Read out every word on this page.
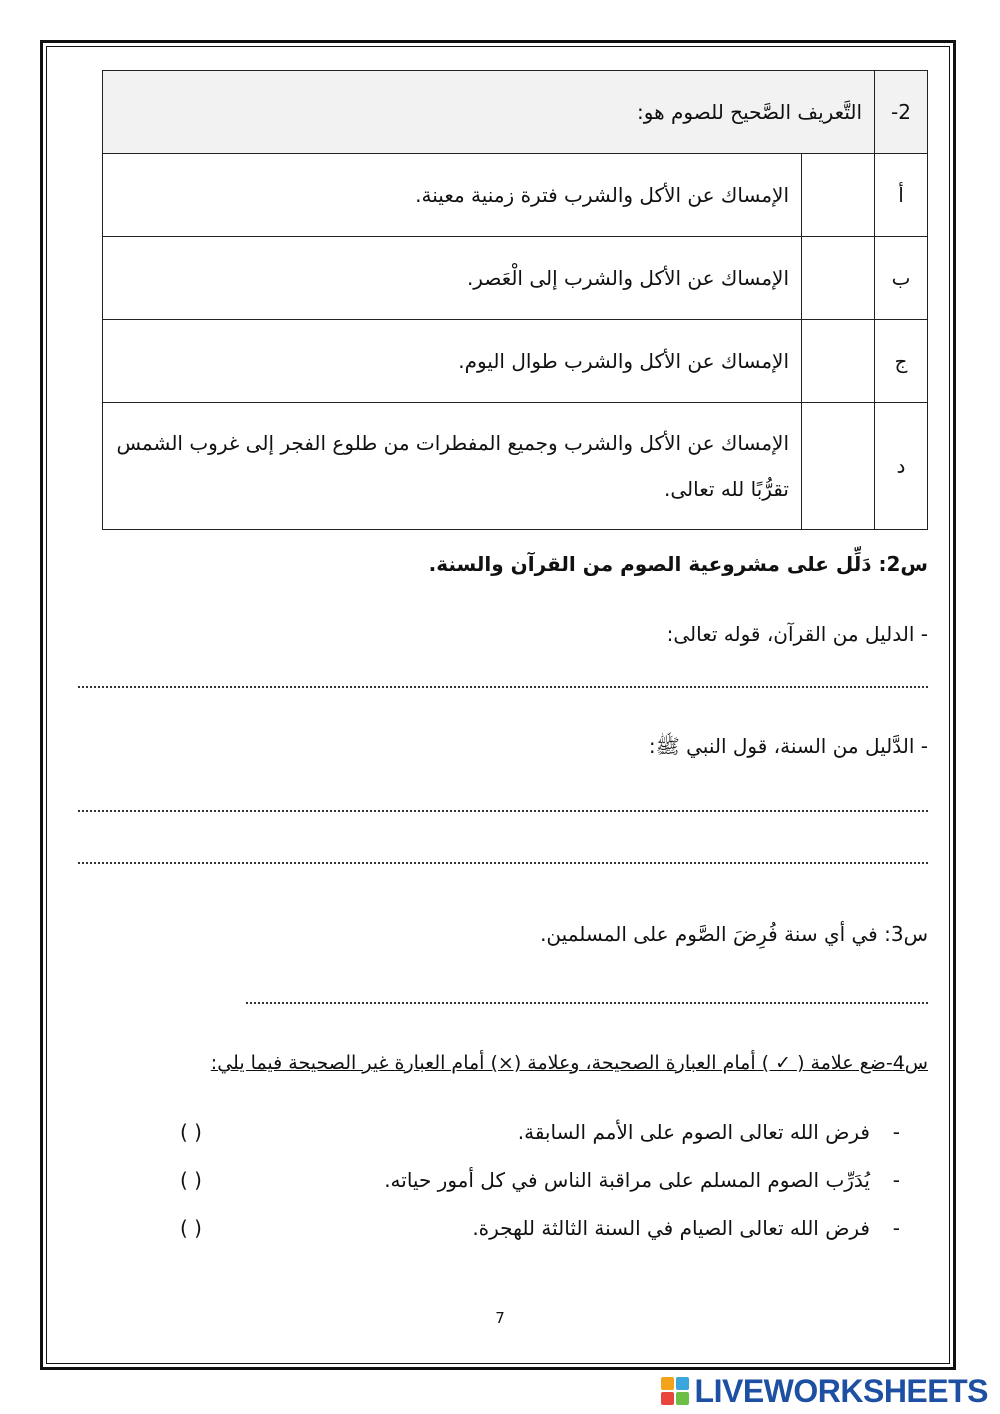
2-	التَّعريف الصَّحيح للصوم هو:	
أ		الإمساك عن الأكل والشرب فترة زمنية معينة.
ب		الإمساك عن الأكل والشرب إلى الْعَصر.
ج		الإمساك عن الأكل والشرب طوال اليوم.
د		الإمساك عن الأكل والشرب وجميع المفطرات من طلوع الفجر إلى غروب الشمس تقرُّبًا لله تعالى.
س2: دَلِّل على مشروعية الصوم من القرآن والسنة.
- الدليل من القرآن، قوله تعالى:
- الدَّليل من السنة، قول النبي ﷺ:
س3: في أي سنة فُرِضَ الصَّوم على المسلمين.
س4-ضع علامة ( ✓ ) أمام العبارة الصحيحة، وعلامة (×) أمام العبارة غير الصحيحة فيما يلي:
-فرض الله تعالى الصوم على الأمم السابقة.
( )
-يُدَرِّب الصوم المسلم على مراقبة الناس في كل أمور حياته.
( )
-فرض الله تعالى الصيام في السنة الثالثة للهجرة.
( )
7
LIVEWORKSHEETS
